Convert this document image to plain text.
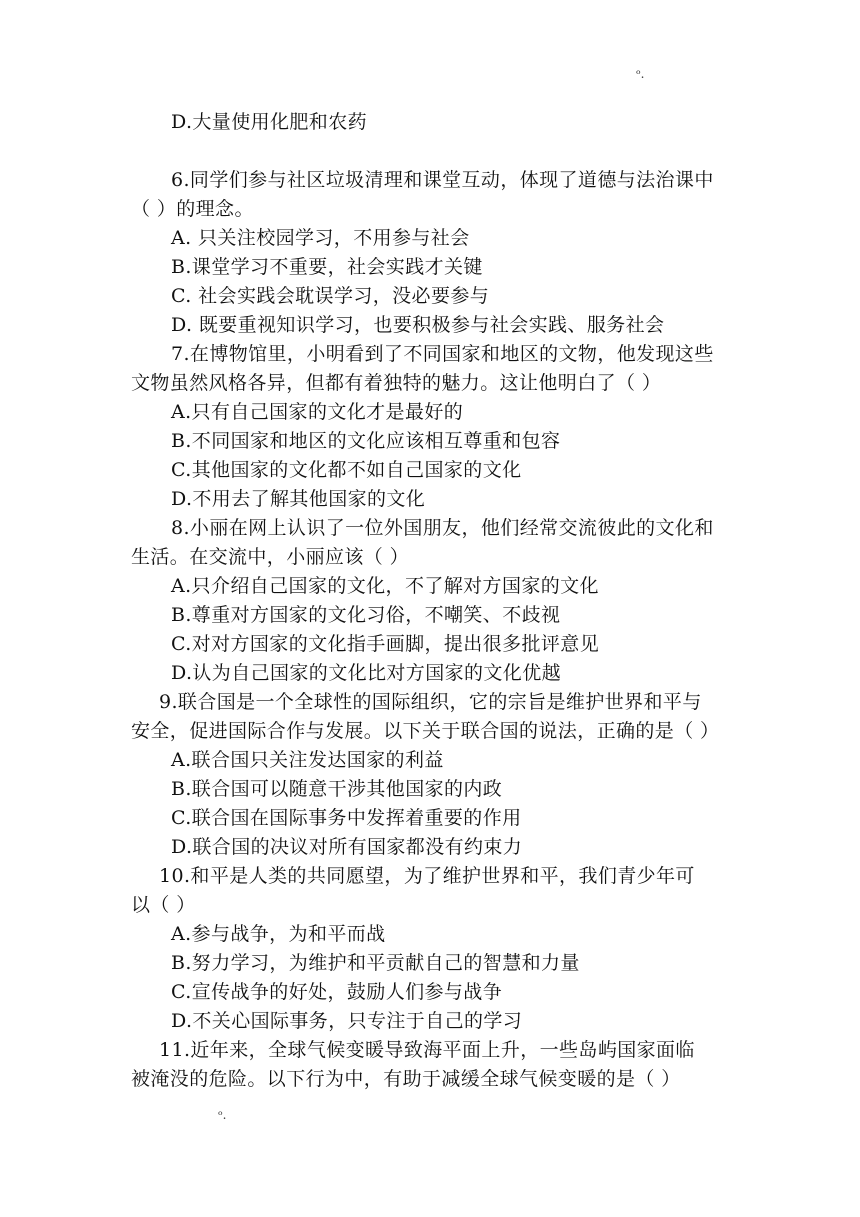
ᵒ.
D.大量使用化肥和农药
6.同学们参与社区垃圾清理和课堂互动，体现了道德与法治课中
（ ）的理念。
A. 只关注校园学习，不用参与社会
B.课堂学习不重要，社会实践才关键
C. 社会实践会耽误学习，没必要参与
D. 既要重视知识学习，也要积极参与社会实践、服务社会
7.在博物馆里，小明看到了不同国家和地区的文物，他发现这些
文物虽然风格各异，但都有着独特的魅力。这让他明白了（ ）
A.只有自己国家的文化才是最好的
B.不同国家和地区的文化应该相互尊重和包容
C.其他国家的文化都不如自己国家的文化
D.不用去了解其他国家的文化
8.小丽在网上认识了一位外国朋友，他们经常交流彼此的文化和
生活。在交流中，小丽应该（ ）
A.只介绍自己国家的文化，不了解对方国家的文化
B.尊重对方国家的文化习俗，不嘲笑、不歧视
C.对对方国家的文化指手画脚，提出很多批评意见
D.认为自己国家的文化比对方国家的文化优越
9.联合国是一个全球性的国际组织，它的宗旨是维护世界和平与
安全，促进国际合作与发展。以下关于联合国的说法，正确的是（ ）
A.联合国只关注发达国家的利益
B.联合国可以随意干涉其他国家的内政
C.联合国在国际事务中发挥着重要的作用
D.联合国的决议对所有国家都没有约束力
10.和平是人类的共同愿望，为了维护世界和平，我们青少年可
以（ ）
A.参与战争，为和平而战
B.努力学习，为维护和平贡献自己的智慧和力量
C.宣传战争的好处，鼓励人们参与战争
D.不关心国际事务，只专注于自己的学习
11.近年来，全球气候变暖导致海平面上升，一些岛屿国家面临
被淹没的危险。以下行为中，有助于减缓全球气候变暖的是（ ）
ᵒ.
